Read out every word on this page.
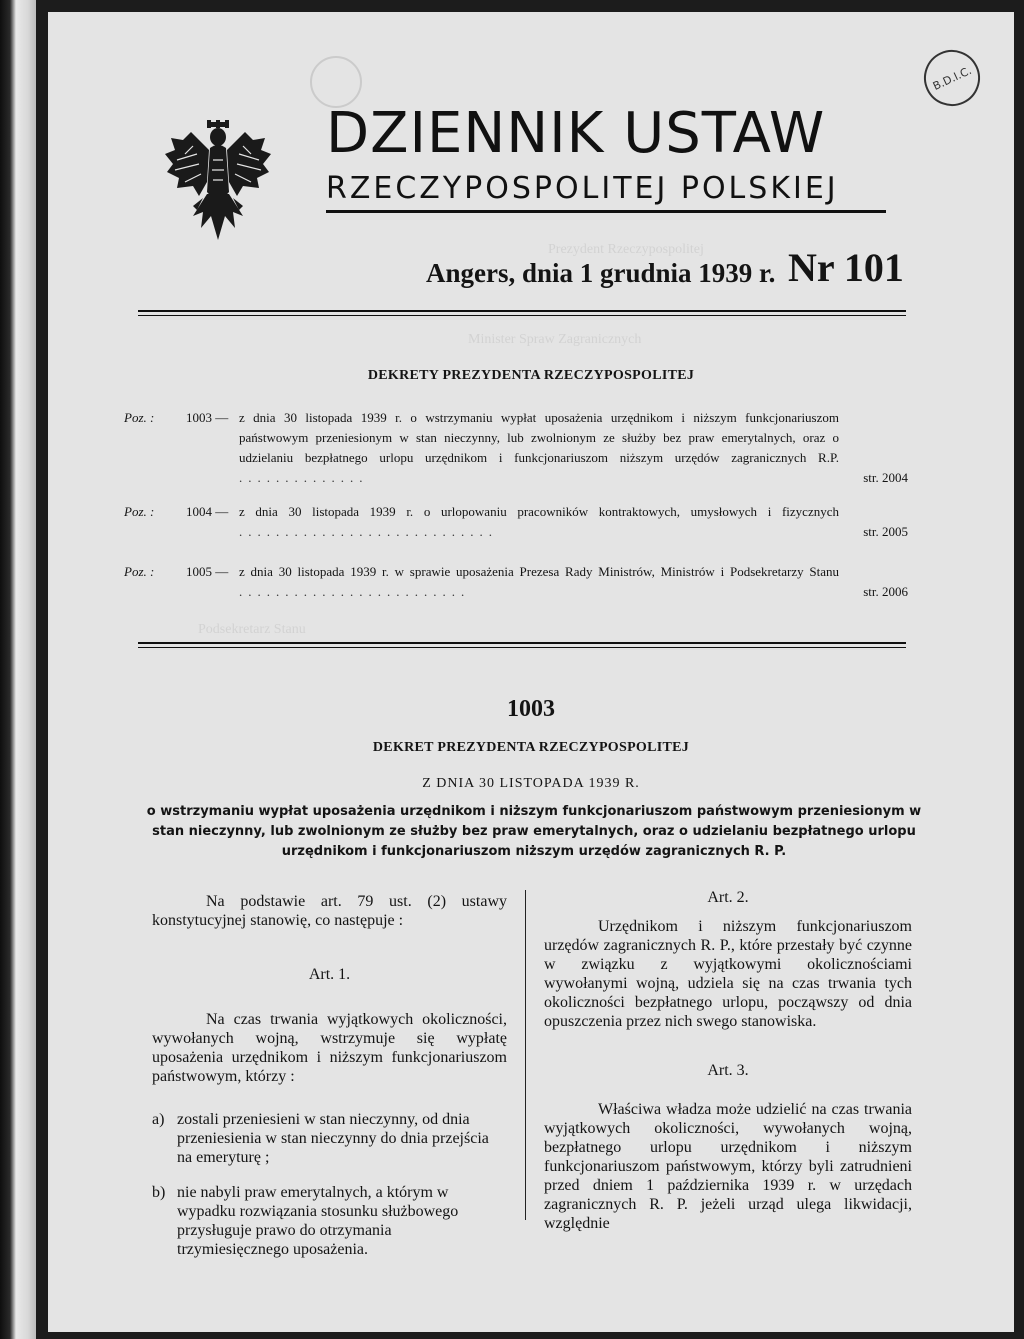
Prezydent Rzeczypospolitej
Minister Spraw Zagranicznych
Podsekretarz Stanu
B.D.I.C.
DZIENNIK USTAW
RZECZYPOSPOLITEJ POLSKIEJ
Angers, dnia 1 grudnia 1939 r. Nr 101
DEKRETY PREZYDENTA RZECZYPOSPOLITEJ
Poz. : 1003 — z dnia 30 listopada 1939 r. o wstrzymaniu wypłat uposażenia urzędnikom i niższym funkcjonariuszom państwowym przeniesionym w stan nieczynny, lub zwolnionym ze służby bez praw emerytalnych, oraz o udzielaniu bezpłatnego urlopu urzędnikom i funkcjonariuszom niższym urzędów zagranicznych R.P. ..............	str. 2004
Poz. : 1004 — z dnia 30 listopada 1939 r. o urlopowaniu pracowników kontraktowych, umysłowych i fizycznych ............................	str. 2005
Poz. : 1005 — z dnia 30 listopada 1939 r. w sprawie uposażenia Prezesa Rady Ministrów, Ministrów i Podsekretarzy Stanu .........................	str. 2006
1003
DEKRET PREZYDENTA RZECZYPOSPOLITEJ
Z DNIA 30 LISTOPADA 1939 R.
o wstrzymaniu wypłat uposażenia urzędnikom i niższym funkcjonariuszom państwowym przeniesionym w stan nieczynny, lub zwolnionym ze służby bez praw emerytalnych, oraz o udzielaniu bezpłatnego urlopu urzędnikom i funkcjonariuszom niższym urzędów zagranicznych R. P.

Na podstawie art. 79 ust. (2) ustawy konstytucyjnej stanowię, co następuje :

Art. 1.

Na czas trwania wyjątkowych okoliczności, wywołanych wojną, wstrzymuje się wypłatę uposażenia urzędnikom i niższym funkcjonariuszom państwowym, którzy :

a) zostali przeniesieni w stan nieczynny, od dnia przeniesienia w stan nieczynny do dnia przejścia na emeryturę ;
b) nie nabyli praw emerytalnych, a którym w wypadku rozwiązania stosunku służbowego przysługuje prawo do otrzymania trzymiesięcznego uposażenia.

Art. 2.

Urzędnikom i niższym funkcjonariuszom urzędów zagranicznych R. P., które przestały być czynne w związku z wyjątkowymi okolicznościami wywołanymi wojną, udziela się na czas trwania tych okoliczności bezpłatnego urlopu, począwszy od dnia opuszczenia przez nich swego stanowiska.

Art. 3.

Właściwa władza może udzielić na czas trwania wyjątkowych okoliczności, wywołanych wojną, bezpłatnego urlopu urzędnikom i niższym funkcjonariuszom państwowym, którzy byli zatrudnieni przed dniem 1 października 1939 r. w urzędach zagranicznych R. P. jeżeli urząd ulega likwidacji, względnie
